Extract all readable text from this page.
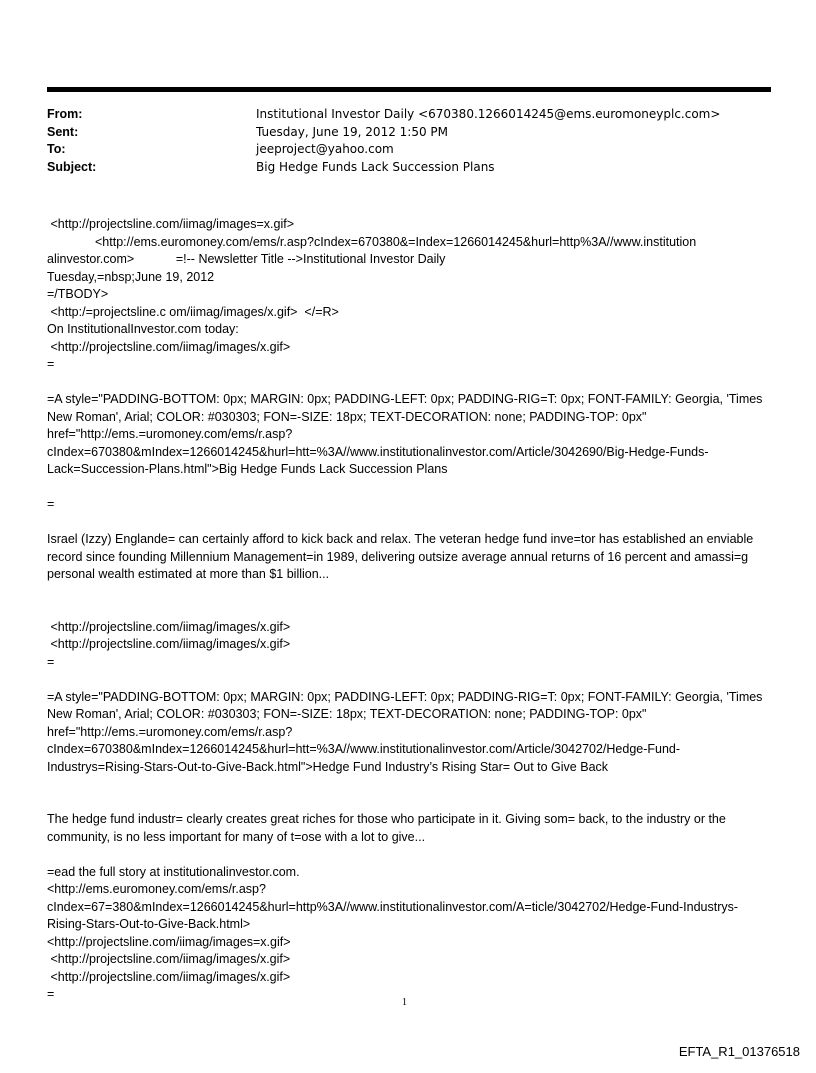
From:	Institutional Investor Daily <670380.1266014245@ems.euromoneyplc.com>
Sent:	Tuesday, June 19, 2012 1:50 PM
To:	jeeproject@yahoo.com
Subject:	Big Hedge Funds Lack Succession Plans

<http://projectsline.com/iimag/images=x.gif>

<http://ems.euromoney.com/ems/r.asp?cIndex=670380&=Index=1266014245&hurl=http%3A//www.institution

alinvestor.com>            =!-- Newsletter Title -->Institutional Investor Daily

Tuesday,=nbsp;June 19, 2012

=/TBODY>

<http:/=projectsline.c om/iimag/images/x.gif>  </=R>

On InstitutionalInvestor.com today:

<http://projectsline.com/iimag/images/x.gif>

=

=A style="PADDING-BOTTOM: 0px; MARGIN: 0px; PADDING-LEFT: 0px; PADDING-RIG=T: 0px; FONT-FAMILY: Georgia, 'Times New Roman', Arial; COLOR: #030303; FON=-SIZE: 18px; TEXT-DECORATION: none; PADDING-TOP: 0px" href="http://ems.=uromoney.com/ems/r.asp?cIndex=670380&mIndex=1266014245&hurl=htt=%3A//www.institutionalinvestor.com/Article/3042690/Big-Hedge-Funds-Lack=Succession-Plans.html">Big Hedge Funds Lack Succession Plans

=

Israel (Izzy) Englande= can certainly afford to kick back and relax. The veteran hedge fund inve=tor has established an enviable record since founding Millennium Management=in 1989, delivering outsize average annual returns of 16 percent and amassi=g personal wealth estimated at more than $1 billion...

<http://projectsline.com/iimag/images/x.gif>

<http://projectsline.com/iimag/images/x.gif>

=

=A style="PADDING-BOTTOM: 0px; MARGIN: 0px; PADDING-LEFT: 0px; PADDING-RIG=T: 0px; FONT-FAMILY: Georgia, 'Times New Roman', Arial; COLOR: #030303; FON=-SIZE: 18px; TEXT-DECORATION: none; PADDING-TOP: 0px" href="http://ems.=uromoney.com/ems/r.asp?cIndex=670380&mIndex=1266014245&hurl=htt=%3A//www.institutionalinvestor.com/Article/3042702/Hedge-Fund-Industrys=Rising-Stars-Out-to-Give-Back.html">Hedge Fund Industry’s Rising Star= Out to Give Back

The hedge fund industr= clearly creates great riches for those who participate in it. Giving som= back, to the industry or the community, is no less important for many of t=ose with a lot to give...

=ead the full story at institutionalinvestor.com.

<http://ems.euromoney.com/ems/r.asp?cIndex=67=380&mIndex=1266014245&hurl=http%3A//www.institutionalinvestor.com/A=ticle/3042702/Hedge-Fund-Industrys-Rising-Stars-Out-to-Give-Back.html>

<http://projectsline.com/iimag/images=x.gif>

<http://projectsline.com/iimag/images/x.gif>

<http://projectsline.com/iimag/images/x.gif>

=

1
EFTA_R1_01376518
